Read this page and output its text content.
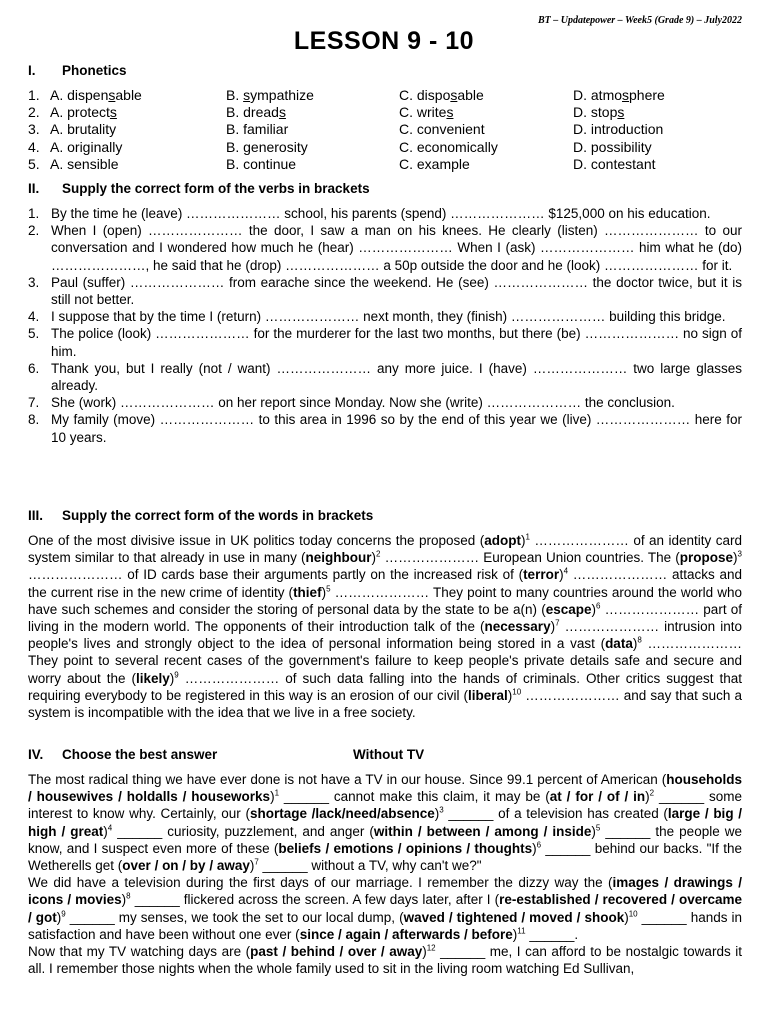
BT – Updatepower – Week5 (Grade 9) – July2022
LESSON 9 - 10
I. Phonetics
1. A. dispensable	B. sympathize	C. disposable	D. atmosphere
2. A. protects	B. dreads	C. writes	D. stops
3. A. brutality	B. familiar	C. convenient	D. introduction
4. A. originally	B. generosity	C. economically	D. possibility
5. A. sensible	B. continue	C. example	D. contestant
II. Supply the correct form of the verbs in brackets
1. By the time he (leave) ………………… school, his parents (spend) ………………… $125,000 on his education.
2. When I (open) ………………… the door, I saw a man on his knees. He clearly (listen) ………………… to our conversation and I wondered how much he (hear) ………………… When I (ask) ………………… him what he (do) …………………, he said that he (drop) ………………… a 50p outside the door and he (look) ………………… for it.
3. Paul (suffer) ………………… from earache since the weekend. He (see) ………………… the doctor twice, but it is still not better.
4. I suppose that by the time I (return) ………………… next month, they (finish) ………………… building this bridge.
5. The police (look) ………………… for the murderer for the last two months, but there (be) ………………… no sign of him.
6. Thank you, but I really (not / want) ………………… any more juice. I (have) ………………… two large glasses already.
7. She (work) ………………… on her report since Monday. Now she (write) ………………… the conclusion.
8. My family (move) ………………… to this area in 1996 so by the end of this year we (live) ………………… here for 10 years.
III. Supply the correct form of the words in brackets
One of the most divisive issue in UK politics today concerns the proposed (adopt)$^1$ ………………… of an identity card system similar to that already in use in many (neighbour)$^2$ ………………… European Union countries. The (propose)$^3$ ………………… of ID cards base their arguments partly on the increased risk of (terror)$^4$ ………………… attacks and the current rise in the new crime of identity (thief)$^5$ ………………… They point to many countries around the world who have such schemes and consider the storing of personal data by the state to be a(n) (escape)$^6$ ………………… part of living in the modern world. The opponents of their introduction talk of the (necessary)$^7$ ………………… intrusion into people's lives and strongly object to the idea of personal information being stored in a vast (data)$^8$ ………………… They point to several recent cases of the government's failure to keep people's private details safe and secure and worry about the (likely)$^9$ ………………… of such data falling into the hands of criminals. Other critics suggest that requiring everybody to be registered in this way is an erosion of our civil (liberal)$^{10}$ ………………… and say that such a system is incompatible with the idea that we live in a free society.
IV. Choose the best answer	Without TV
The most radical thing we have ever done is not have a TV in our house. Since 99.1 percent of American (households / housewives / holdalls / houseworks)$^1$ ______ cannot make this claim, it may be (at / for / of / in)$^2$ ______ some interest to know why. Certainly, our (shortage /lack/need/absence)$^3$ ______ of a television has created (large / big / high / great)$^4$ ______ curiosity, puzzlement, and anger (within / between / among / inside)$^5$ ______ the people we know, and I suspect even more of these (beliefs / emotions / opinions / thoughts)$^6$ ______ behind our backs. "If the Wetherells get (over / on / by / away)$^7$ ______ without a TV, why can't we?"
We did have a television during the first days of our marriage. I remember the dizzy way the (images / drawings / icons / movies)$^8$ ______ flickered across the screen. A few days later, after I (re-established / recovered / overcame / got)$^9$ ______ my senses, we took the set to our local dump, (waved / tightened / moved / shook)$^{10}$ ______ hands in satisfaction and have been without one ever (since / again / afterwards / before)$^{11}$ ______.
Now that my TV watching days are (past / behind / over / away)$^{12}$ ______ me, I can afford to be nostalgic towards it all. I remember those nights when the whole family used to sit in the living room watching Ed Sullivan,
